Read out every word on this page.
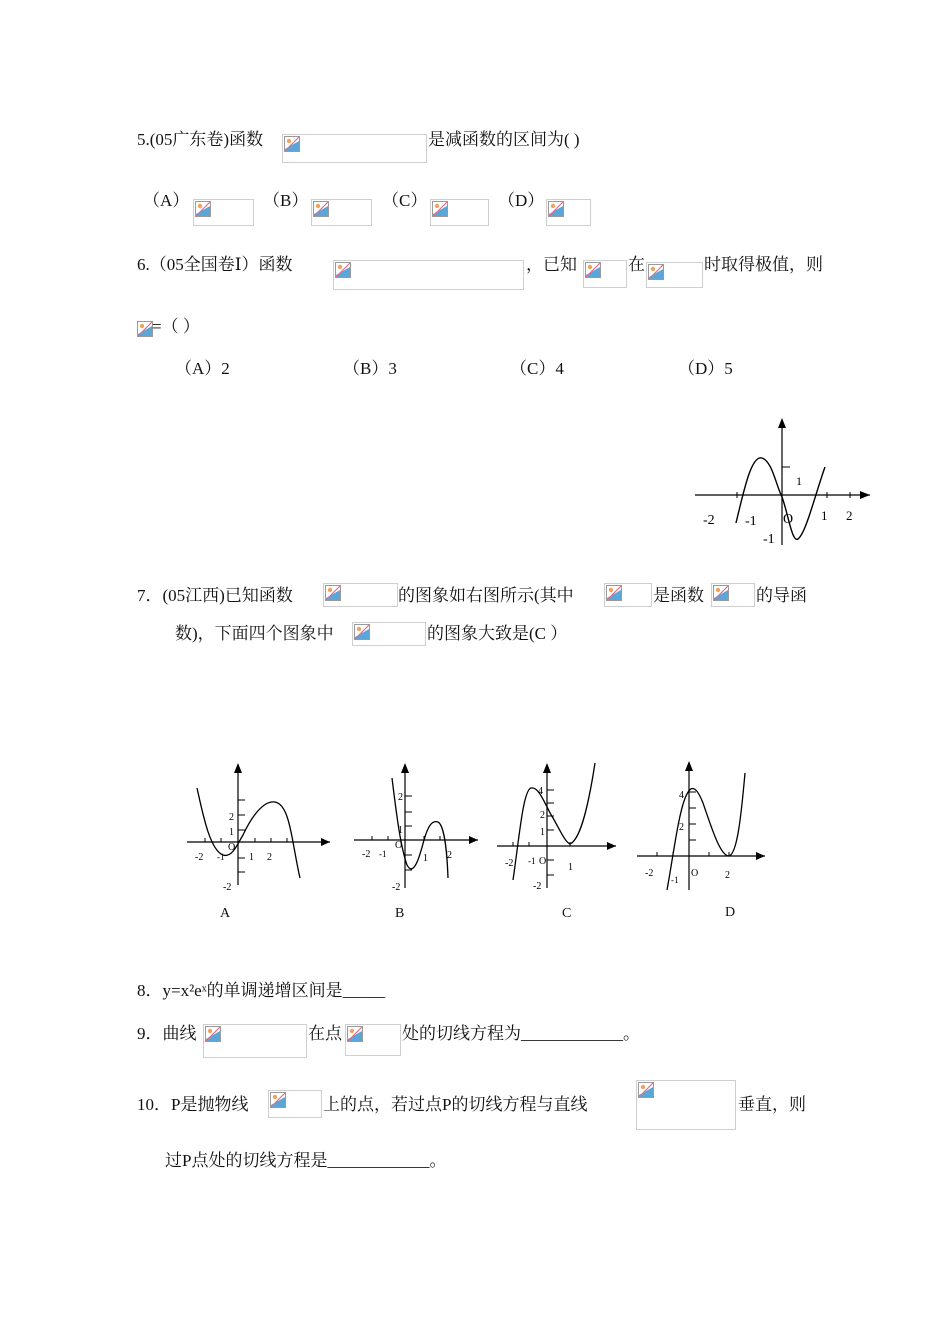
5.(05广东卷)函数	是减函数的区间为( )
（A）	（B）	（C）	（D）
6.（05全国卷Ⅰ）函数	，已知	在	时取得极值，则
=（ ）
（A）2	（B）3	（C）4	（D）5
-2 -1 O 1 2
1
-1
7．(05江西)已知函数	的图象如右图所示(其中	是函数	的导函
数)，下面四个图象中	的图象大致是(C ）
2
1
-2 -1
O
1 2
-2
A
2
1
-2 -1
O
1 2
-2
B
4
2
1
-2 -1 O
1
-2
C
4
2
-2
-1
O	2
D
8．y=x²eˣ的单调递增区间是_____
9．曲线	在点	处的切线方程为____________。
10．P是抛物线	上的点，若过点P的切线方程与直线	垂直，则
过P点处的切线方程是____________。
